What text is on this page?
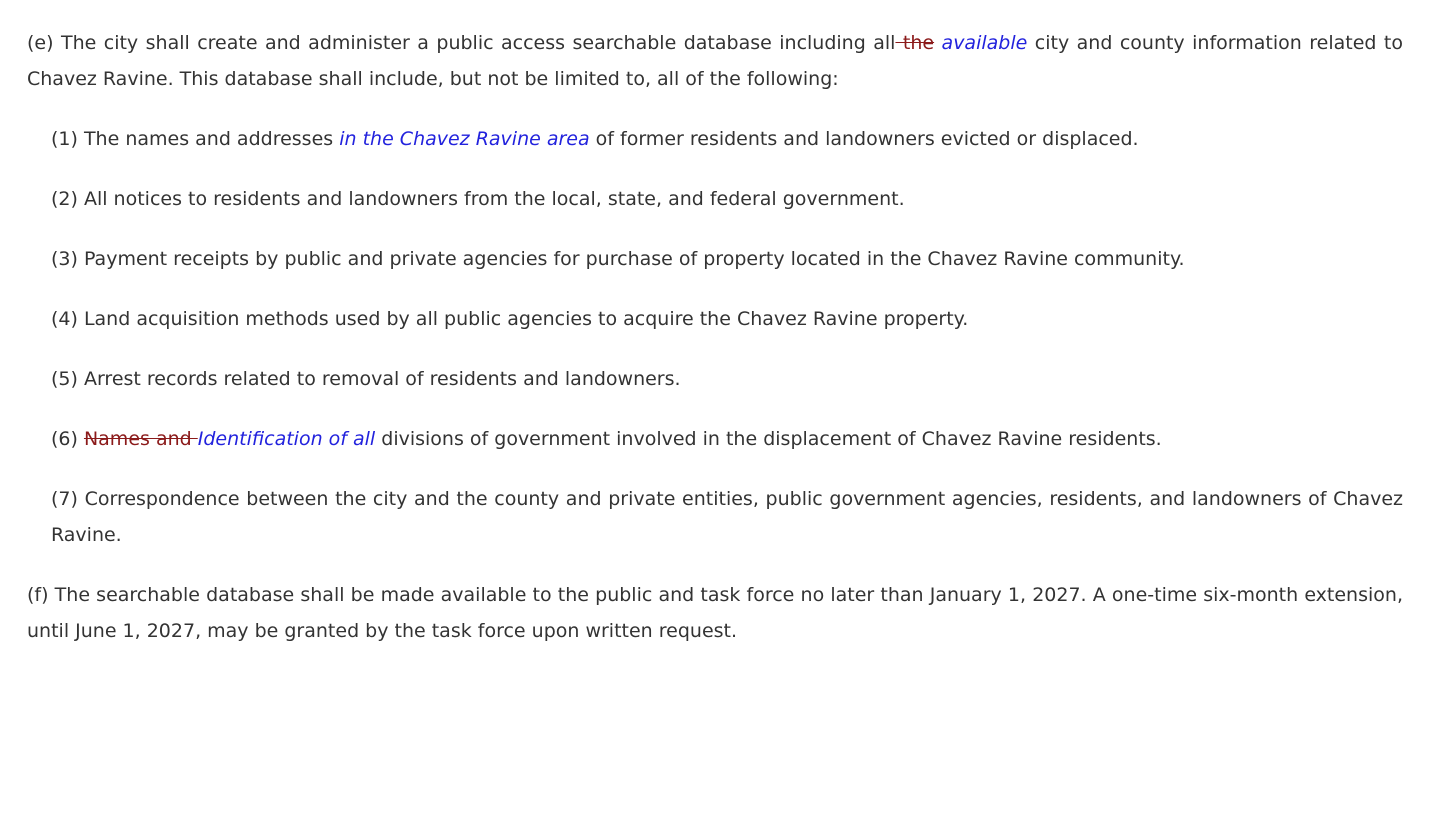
(e) The city shall create and administer a public access searchable database including all the available city and county information related to Chavez Ravine. This database shall include, but not be limited to, all of the following:

(1) The names and addresses in the Chavez Ravine area of former residents and landowners evicted or displaced.

(2) All notices to residents and landowners from the local, state, and federal government.

(3) Payment receipts by public and private agencies for purchase of property located in the Chavez Ravine community.

(4) Land acquisition methods used by all public agencies to acquire the Chavez Ravine property.

(5) Arrest records related to removal of residents and landowners.

(6) Names and Identification of all divisions of government involved in the displacement of Chavez Ravine residents.

(7) Correspondence between the city and the county and private entities, public government agencies, residents, and landowners of Chavez Ravine.

(f) The searchable database shall be made available to the public and task force no later than January 1, 2027. A one-time six-month extension, until June 1, 2027, may be granted by the task force upon written request.
